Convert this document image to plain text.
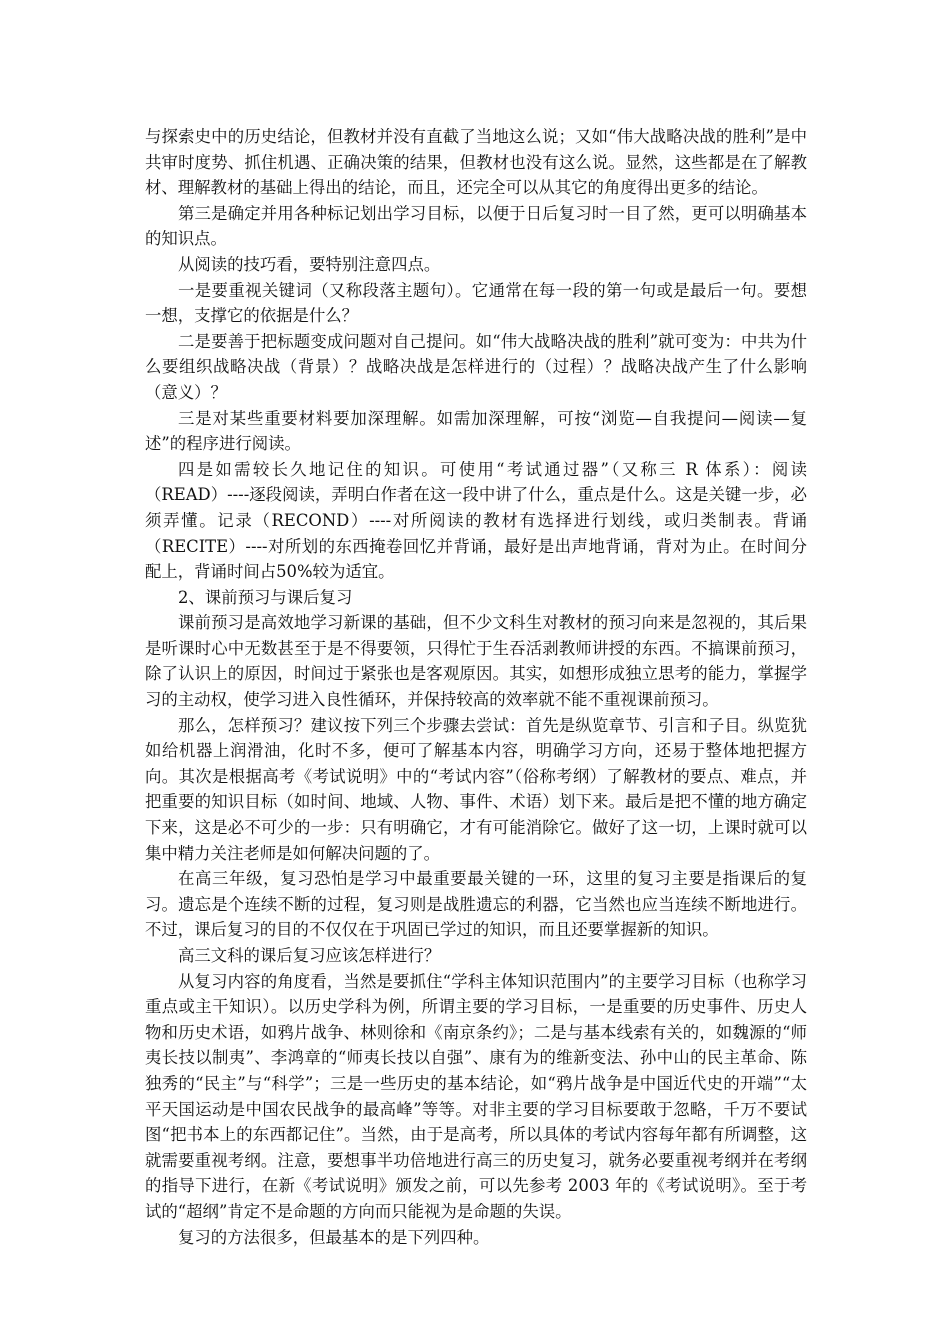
与探索史中的历史结论，但教材并没有直截了当地这么说；又如“伟大战略决战的胜利”是中共审时度势、抓住机遇、正确决策的结果，但教材也没有这么说。显然，这些都是在了解教材、理解教材的基础上得出的结论，而且，还完全可以从其它的角度得出更多的结论。

第三是确定并用各种标记划出学习目标，以便于日后复习时一目了然，更可以明确基本的知识点。

从阅读的技巧看，要特别注意四点。

一是要重视关键词（又称段落主题句）。它通常在每一段的第一句或是最后一句。要想一想，支撑它的依据是什么？

二是要善于把标题变成问题对自己提问。如“伟大战略决战的胜利”就可变为：中共为什么要组织战略决战（背景）？战略决战是怎样进行的（过程）？战略决战产生了什么影响（意义）？

三是对某些重要材料要加深理解。如需加深理解，可按“浏览—自我提问—阅读—复述”的程序进行阅读。

四是如需较长久地记住的知识。可使用“考试通过器”（又称三 R 体系）：阅读（READ）----逐段阅读，弄明白作者在这一段中讲了什么，重点是什么。这是关键一步，必须弄懂。记录（RECOND）----对所阅读的教材有选择进行划线，或归类制表。背诵（RECITE）----对所划的东西掩卷回忆并背诵，最好是出声地背诵，背对为止。在时间分配上，背诵时间占50%较为适宜。

2、课前预习与课后复习

课前预习是高效地学习新课的基础，但不少文科生对教材的预习向来是忽视的，其后果是听课时心中无数甚至于是不得要领，只得忙于生吞活剥教师讲授的东西。不搞课前预习，除了认识上的原因，时间过于紧张也是客观原因。其实，如想形成独立思考的能力，掌握学习的主动权，使学习进入良性循环，并保持较高的效率就不能不重视课前预习。

那么，怎样预习？建议按下列三个步骤去尝试：首先是纵览章节、引言和子目。纵览犹如给机器上润滑油，化时不多，便可了解基本内容，明确学习方向，还易于整体地把握方向。其次是根据高考《考试说明》中的“考试内容”（俗称考纲）了解教材的要点、难点，并把重要的知识目标（如时间、地域、人物、事件、术语）划下来。最后是把不懂的地方确定下来，这是必不可少的一步：只有明确它，才有可能消除它。做好了这一切，上课时就可以集中精力关注老师是如何解决问题的了。

在高三年级，复习恐怕是学习中最重要最关键的一环，这里的复习主要是指课后的复习。遗忘是个连续不断的过程，复习则是战胜遗忘的利器，它当然也应当连续不断地进行。不过，课后复习的目的不仅仅在于巩固已学过的知识，而且还要掌握新的知识。

高三文科的课后复习应该怎样进行？

从复习内容的角度看，当然是要抓住“学科主体知识范围内”的主要学习目标（也称学习重点或主干知识）。以历史学科为例，所谓主要的学习目标，一是重要的历史事件、历史人物和历史术语，如鸦片战争、林则徐和《南京条约》；二是与基本线索有关的，如魏源的“师夷长技以制夷”、李鸿章的“师夷长技以自强”、康有为的维新变法、孙中山的民主革命、陈独秀的“民主”与“科学”；三是一些历史的基本结论，如“鸦片战争是中国近代史的开端”“太平天国运动是中国农民战争的最高峰”等等。对非主要的学习目标要敢于忽略，千万不要试图“把书本上的东西都记住”。当然，由于是高考，所以具体的考试内容每年都有所调整，这就需要重视考纲。注意，要想事半功倍地进行高三的历史复习，就务必要重视考纲并在考纲的指导下进行，在新《考试说明》颁发之前，可以先参考 2003 年的《考试说明》。至于考试的“超纲”肯定不是命题的方向而只能视为是命题的失误。

复习的方法很多，但最基本的是下列四种。
